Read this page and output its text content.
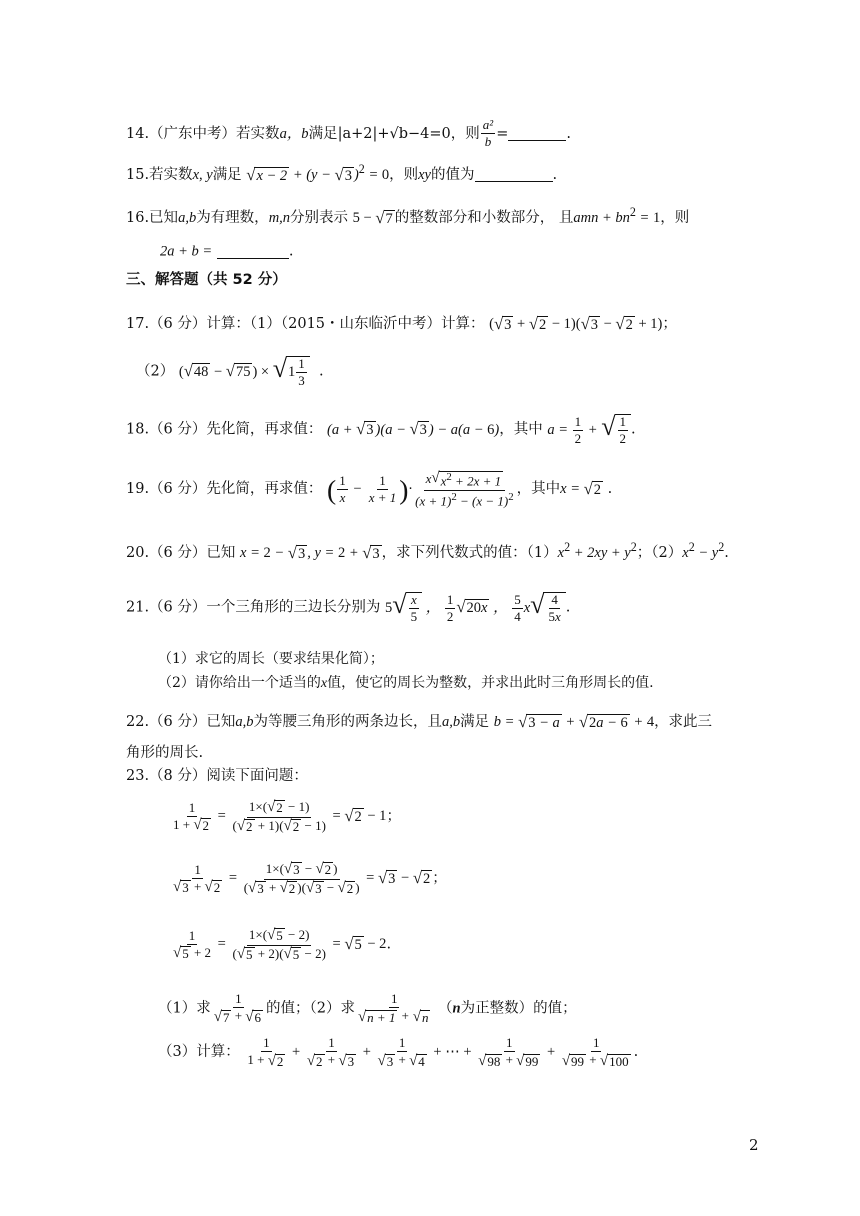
14.（广东中考）若实数a，b满足|a+2|+√b−4=0，则 $\frac{\text{a²}}{b}$ =	.
15.若实数x, y满足 √ x − 2 + (y − √ 3 )$^2$ = 0，则xy的值为	.
16.已知a,b为有理数，m,n分别表示 5 − √ 7 的整数部分和小数部分， 且amn + $bn^2 = 1$，则
2a + b =	.
三、解答题（共 52 分）
17.（6 分）计算：（1）（2015・山东临沂中考）计算： ( √ 3 + √ 2 − 1)( √ 3 − √ 2 + 1)；
（2） ( √ 48 − √ 75 ) × √ $1 \frac{1}{3}$ .
18.（6 分）先化简，再求值： (a + √ 3 )(a − √ 3 ) − a(a − 6)，其中 $a = \frac{1}{2}$ + √ $\frac{1}{2}$ .
19.（6 分）先化简，再求值： ( $\frac{1}{x} - \frac{1}{x + 1}$ )· $\frac{x √ x^2 + 2x + 1}{(x + 1)^2 - (x - 1)^2}$ ，其中x = √ 2 .
20.（6 分）已知 x = 2 − √ 3 , y = 2 + √ 3 ，求下列代数式的值：$(1)x^2 + 2xy + y^2$；$(2)x^2 - y^2$.
21.（6 分）一个三角形的三边长分别为 5 √ $\frac{x}{5}$ ， $\frac{1}{2}$ √ 20x ， $\frac{5}{4}$ x √ $\frac{4}{5x}$ .
（1）求它的周长（要求结果化简）；
（2）请你给出一个适当的x值，使它的周长为整数，并求出此时三角形周长的值.
22.（6 分）已知a,b为等腰三角形的两条边长，且a,b满足 b = √ 3 − a + √ 2a − 6 + 4，求此三
角形的周长.
23.（8 分）阅读下面问题：
$\frac{1}{1 + √ 2} = \frac{1\times( √ 2 - 1)}{( √ 2 + 1)( √ 2 - 1)}$ = √ 2 − 1；
$\frac{1}{√ 3 + √ 2} = \frac{1\times( √ 3 - √ 2 )}{( √ 3 + √ 2 )( √ 3 - √ 2 )}$ = √ 3 − √ 2 ；
$\frac{1}{√ 5 + 2} = \frac{1\times( √ 5 - 2)}{( √ 5 + 2)( √ 5 - 2)}$ = √ 5 − 2.
（1）求 $\frac{1}{√ 7 + √ 6}$ 的值；（2）求 $\frac{1}{√ n + 1 + √ n} (n$为正整数）的值；
（3）计算： $\frac{1}{1 + √ 2} + \frac{1}{√ 2 + √ 3} + \frac{1}{√ 3 + √ 4}$ + ⋯ + $\frac{1}{√ 98 + √ 99} + \frac{1}{√ 99 + √ 100}$ .
2
